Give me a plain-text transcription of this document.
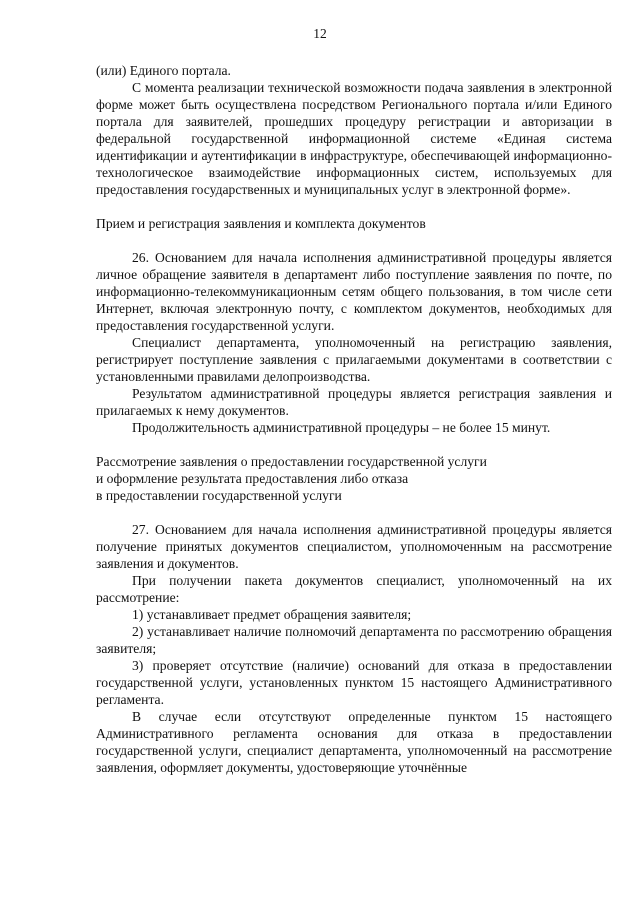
12

(или) Единого портала.

С момента реализации технической возможности подача заявления в электронной форме может быть осуществлена посредством Регионального портала и/или Единого портала для заявителей, прошедших процедуру регистрации и авторизации в федеральной государственной информационной системе «Единая система идентификации и аутентификации в инфраструктуре, обеспечивающей информационно-технологическое взаимодействие информационных систем, используемых для предоставления государственных и муниципальных услуг в электронной форме».

Прием и регистрация заявления и комплекта документов

26. Основанием для начала исполнения административной процедуры является личное обращение заявителя в департамент либо поступление заявления по почте, по информационно-телекоммуникационным сетям общего пользования, в том числе сети Интернет, включая электронную почту, с комплектом документов, необходимых для предоставления государственной услуги.

Специалист департамента, уполномоченный на регистрацию заявления, регистрирует поступление заявления с прилагаемыми документами в соответствии с установленными правилами делопроизводства.

Результатом административной процедуры является регистрация заявления и прилагаемых к нему документов.

Продолжительность административной процедуры – не более 15 минут.

Рассмотрение заявления о предоставлении государственной услуги

и оформление результата предоставления либо отказа

в предоставлении государственной услуги

27. Основанием для начала исполнения административной процедуры является получение принятых документов специалистом, уполномоченным на рассмотрение заявления и документов.

При получении пакета документов специалист, уполномоченный на их рассмотрение:

1) устанавливает предмет обращения заявителя;

2) устанавливает наличие полномочий департамента по рассмотрению обращения заявителя;

3) проверяет отсутствие (наличие) оснований для отказа в предоставлении государственной услуги, установленных пунктом 15 настоящего Административного регламента.

В случае если отсутствуют определенные пунктом 15 настоящего Административного регламента основания для отказа в предоставлении государственной услуги, специалист департамента, уполномоченный на рассмотрение заявления, оформляет документы, удостоверяющие уточнённые
